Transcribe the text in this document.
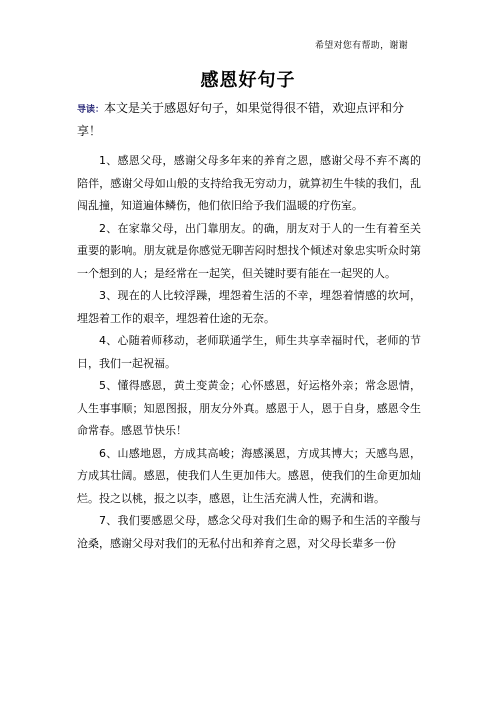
希望对您有帮助，谢谢
感恩好句子
导读：本文是关于感恩好句子，如果觉得很不错，欢迎点评和分享！

1、感恩父母，感谢父母多年来的养育之恩，感谢父母不弃不离的陪伴，感谢父母如山般的支持给我无穷动力，就算初生牛犊的我们，乱闯乱撞，知道遍体鳞伤，他们依旧给予我们温暖的疗伤室。

2、在家靠父母，出门靠朋友。的确，朋友对于人的一生有着至关重要的影响。朋友就是你感觉无聊苦闷时想找个倾述对象忠实听众时第一个想到的人；是经常在一起笑，但关键时要有能在一起哭的人。

3、现在的人比较浮躁，埋怨着生活的不幸，埋怨着情感的坎坷，埋怨着工作的艰辛，埋怨着仕途的无奈。

4、心随着师移动，老师联通学生，师生共享幸福时代，老师的节日，我们一起祝福。

5、懂得感恩，黄土变黄金；心怀感恩，好运格外亲；常念恩情，人生事事顺；知恩图报，朋友分外真。感恩于人，恩于自身，感恩令生命常春。感恩节快乐！

6、山感地恩，方成其高峻；海感溪恩，方成其博大；天感鸟恩，方成其壮阔。感恩，使我们人生更加伟大。感恩，使我们的生命更加灿烂。投之以桃，报之以李，感恩，让生活充满人性，充满和谐。

7、我们要感恩父母，感念父母对我们生命的赐予和生活的辛酸与沧桑，感谢父母对我们的无私付出和养育之恩，对父母长辈多一份
